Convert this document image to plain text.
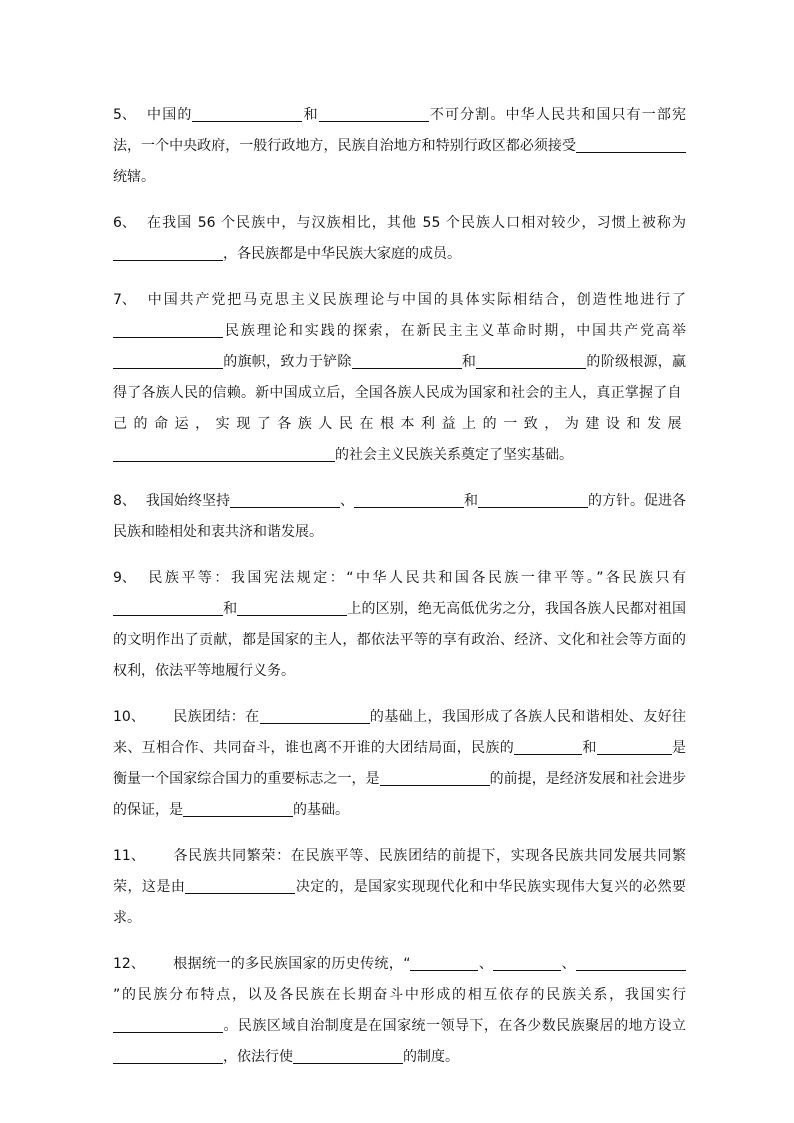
5、 中国的	和	不可分割。中华人民共和国只有一部宪法，一个中央政府，一般行政地方，民族自治地方和特别行政区都必须接受统辖。

6、 在我国 56 个民族中，与汉族相比，其他 55 个民族人口相对较少，习惯上被称为，各民族都是中华民族大家庭的成员。

7、 中国共产党把马克思主义民族理论与中国的具体实际相结合，创造性地进行了民族理论和实践的探索，在新民主主义革命时期，中国共产党高举的旗帜，致力于铲除	和	的阶级根源，赢得了各族人民的信赖。新中国成立后，全国各族人民成为国家和社会的主人，真正掌握了自己的命运，实现了各族人民在根本利益上的一致，为建设和发展的社会主义民族关系奠定了坚实基础。

8、 我国始终坚持	、	和	的方针。促进各民族和睦相处和衷共济和谐发展。

9、 民族平等：我国宪法规定：“中华人民共和国各民族一律平等。”各民族只有和	上的区别，绝无高低优劣之分，我国各族人民都对祖国的文明作出了贡献，都是国家的主人，都依法平等的享有政治、经济、文化和社会等方面的权利，依法平等地履行义务。

10、 民族团结：在	的基础上，我国形成了各族人民和谐相处、友好往来、互相合作、共同奋斗，谁也离不开谁的大团结局面，民族的	和	是衡量一个国家综合国力的重要标志之一，是	的前提，是经济发展和社会进步的保证，是	的基础。

11、 各民族共同繁荣：在民族平等、民族团结的前提下，实现各民族共同发展共同繁荣，这是由	决定的，是国家实现现代化和中华民族实现伟大复兴的必然要求。

12、 根据统一的多民族国家的历史传统，“	、	、”的民族分布特点，以及各民族在长期奋斗中形成的相互依存的民族关系，我国实行。民族区域自治制度是在国家统一领导下，在各少数民族聚居的地方设立，依法行使	的制度。
